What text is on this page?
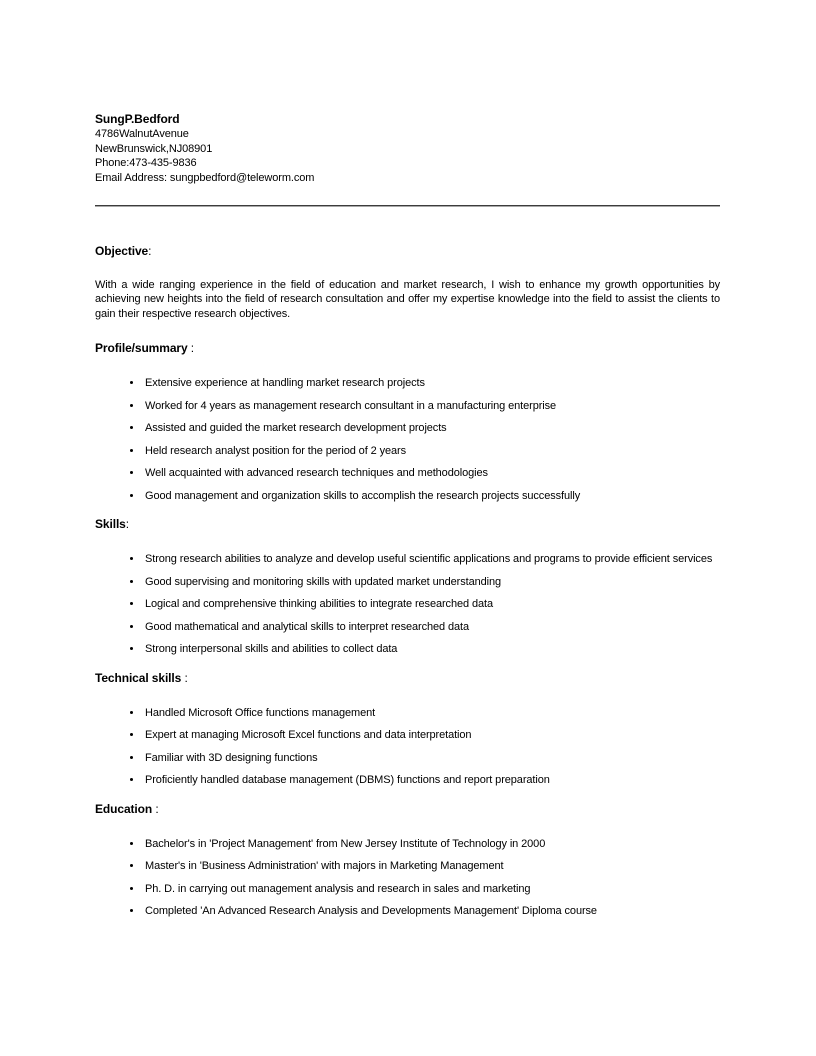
SungP.Bedford
4786WalnutAvenue
NewBrunswick,NJ08901
Phone:473-435-9836
Email Address: sungpbedford@teleworm.com
Objective:

With a wide ranging experience in the field of education and market research, I wish to enhance my growth opportunities by achieving new heights into the field of research consultation and offer my expertise knowledge into the field to assist the clients to gain their respective research objectives.

Profile/summary :
• Extensive experience at handling market research projects
• Worked for 4 years as management research consultant in a manufacturing enterprise
• Assisted and guided the market research development projects
• Held research analyst position for the period of 2 years
• Well acquainted with advanced research techniques and methodologies
• Good management and organization skills to accomplish the research projects successfully
Skills:
• Strong research abilities to analyze and develop useful scientific applications and programs to provide efficient services
• Good supervising and monitoring skills with updated market understanding
• Logical and comprehensive thinking abilities to integrate researched data
• Good mathematical and analytical skills to interpret researched data
• Strong interpersonal skills and abilities to collect data
Technical skills :
• Handled Microsoft Office functions management
• Expert at managing Microsoft Excel functions and data interpretation
• Familiar with 3D designing functions
• Proficiently handled database management (DBMS) functions and report preparation
Education :
• Bachelor's in 'Project Management' from New Jersey Institute of Technology in 2000
• Master's in 'Business Administration' with majors in Marketing Management
• Ph. D. in carrying out management analysis and research in sales and marketing
• Completed 'An Advanced Research Analysis and Developments Management' Diploma course
